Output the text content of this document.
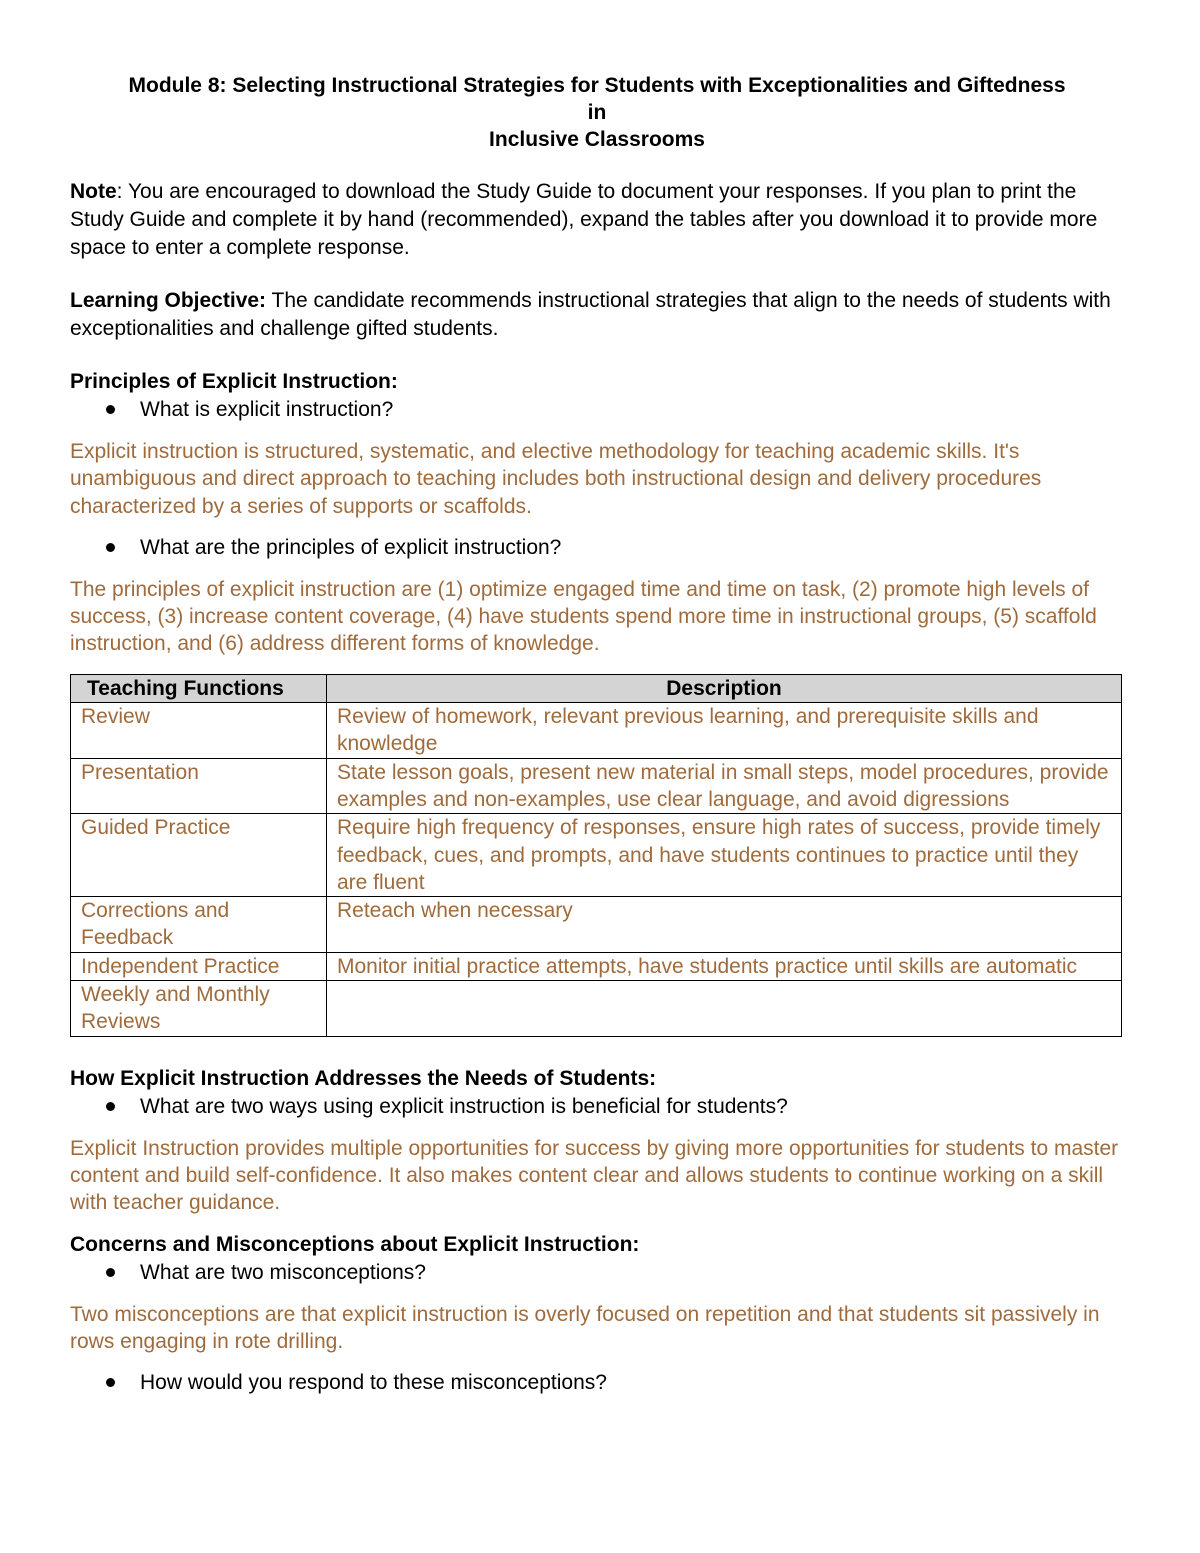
Module 8: Selecting Instructional Strategies for Students with Exceptionalities and Giftedness
in
Inclusive Classrooms

Note: You are encouraged to download the Study Guide to document your responses. If you plan to print the Study Guide and complete it by hand (recommended), expand the tables after you download it to provide more space to enter a complete response.

Learning Objective: The candidate recommends instructional strategies that align to the needs of students with exceptionalities and challenge gifted students.

Principles of Explicit Instruction:

What is explicit instruction?

Explicit instruction is structured, systematic, and elective methodology for teaching academic skills. It's unambiguous and direct approach to teaching includes both instructional design and delivery procedures characterized by a series of supports or scaffolds.

What are the principles of explicit instruction?

The principles of explicit instruction are (1) optimize engaged time and time on task, (2) promote high levels of success, (3) increase content coverage, (4) have students spend more time in instructional groups, (5) scaffold instruction, and (6) address different forms of knowledge.

Teaching Functions	Description
Review	Review of homework, relevant previous learning, and prerequisite skills and knowledge
Presentation	State lesson goals, present new material in small steps, model procedures, provide examples and non-examples, use clear language, and avoid digressions
Guided Practice	Require high frequency of responses, ensure high rates of success, provide timely feedback, cues, and prompts, and have students continues to practice until they are fluent
Corrections and Feedback	Reteach when necessary
Independent Practice	Monitor initial practice attempts, have students practice until skills are automatic
Weekly and Monthly Reviews	

How Explicit Instruction Addresses the Needs of Students:

What are two ways using explicit instruction is beneficial for students?

Explicit Instruction provides multiple opportunities for success by giving more opportunities for students to master content and build self-confidence. It also makes content clear and allows students to continue working on a skill with teacher guidance.

Concerns and Misconceptions about Explicit Instruction:

What are two misconceptions?

Two misconceptions are that explicit instruction is overly focused on repetition and that students sit passively in rows engaging in rote drilling.

How would you respond to these misconceptions?
